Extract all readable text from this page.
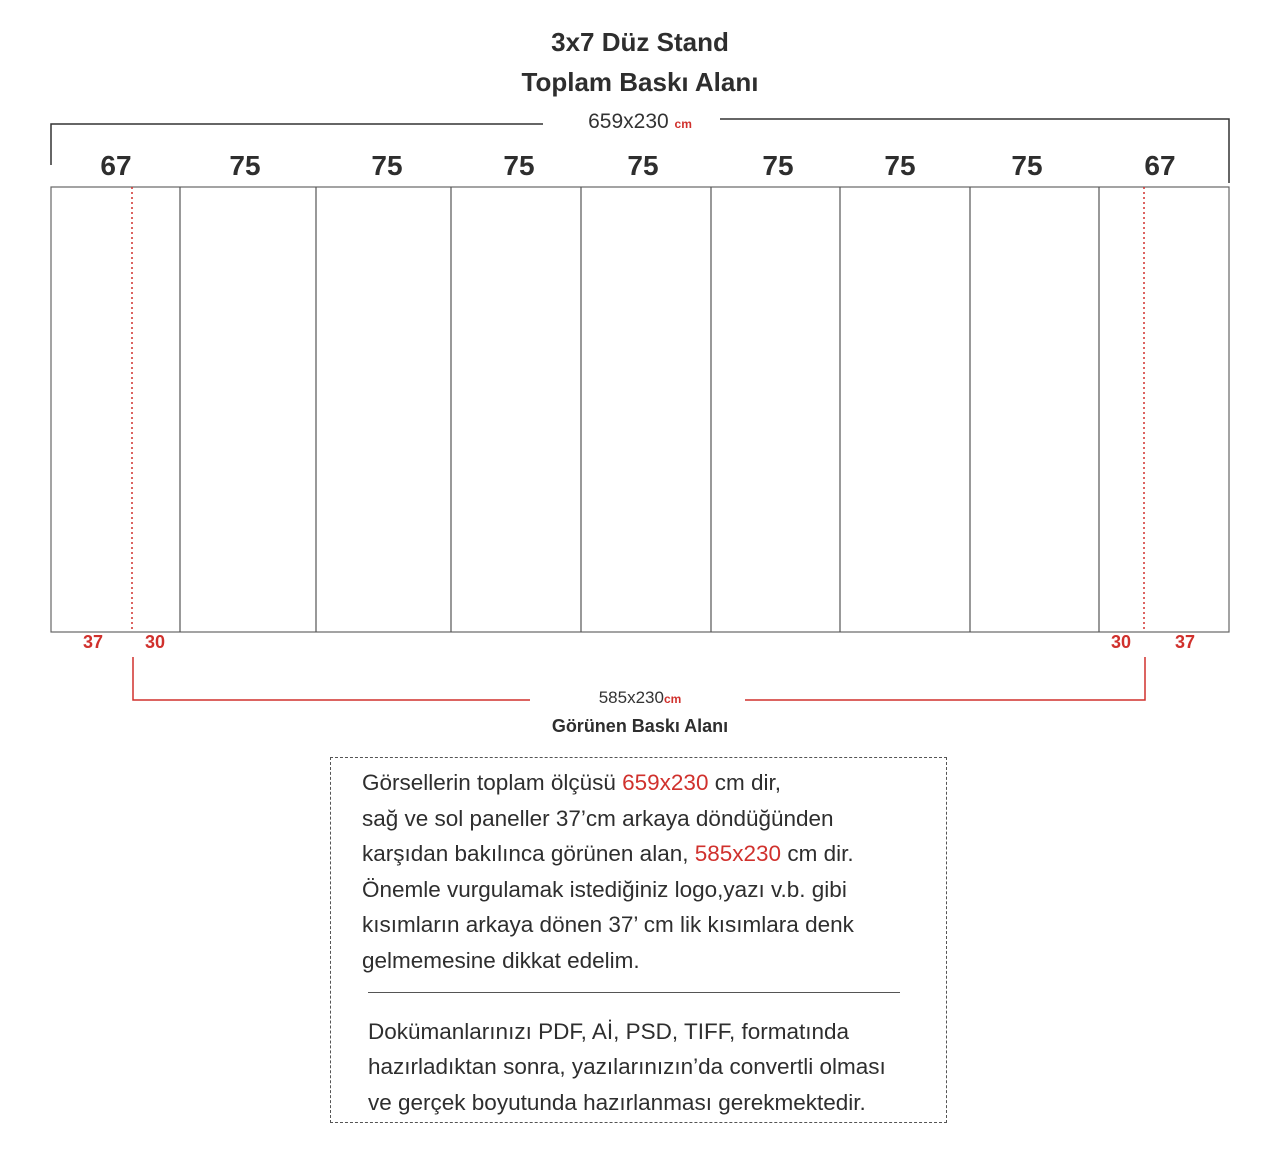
3x7 Düz Stand
Toplam Baskı Alanı
659x230 cm
67	75	75	75	75	75	75	75	67
37	30	30	37
585x230cm
Görünen Baskı Alanı
Görsellerin toplam ölçüsü 659x230 cm dir,
sağ ve sol paneller 37’cm arkaya döndüğünden
karşıdan bakılınca görünen alan, 585x230 cm dir.
Önemle vurgulamak istediğiniz logo,yazı v.b. gibi
kısımların arkaya dönen 37’ cm lik kısımlara denk
gelmemesine dikkat edelim.
Dokümanlarınızı PDF, Aİ, PSD, TIFF, formatında
hazırladıktan sonra, yazılarınızın’da convertli olması
ve gerçek boyutunda hazırlanması gerekmektedir.
